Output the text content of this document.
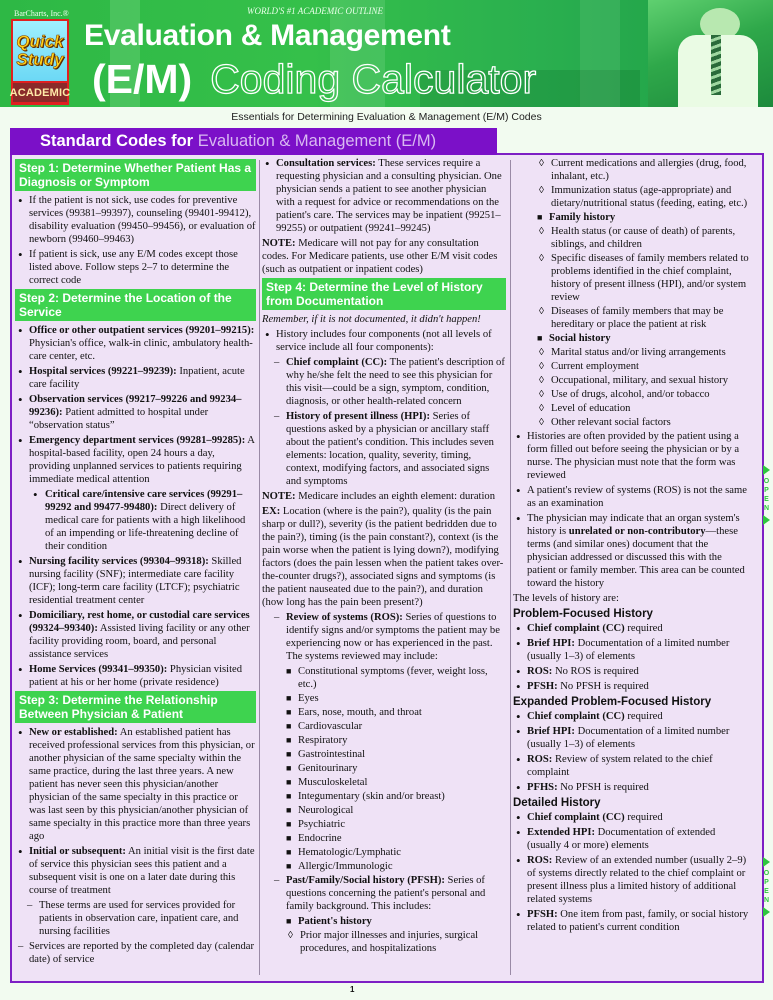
BarCharts, Inc.®
Quick
Study
ACADEMIC
WORLD'S #1 ACADEMIC OUTLINE
Evaluation & Management
(E/M) Coding Calculator
Essentials for Determining Evaluation & Management (E/M) Codes
Standard Codes for Evaluation & Management (E/M)
Step 1: Determine Whether Patient Has a Diagnosis or Symptom
• If the patient is not sick, use codes for preventive services (99381–99397), counseling (99401-99412), disability evaluation (99450–99456), or evaluation of newborn (99460–99463)
• If patient is sick, use any E/M codes except those listed above. Follow steps 2–7 to determine the correct code
Step 2: Determine the Location of the Service
• Office or other outpatient services (99201–99215): Physician's office, walk-in clinic, ambulatory health-care center, etc.
• Hospital services (99221–99239): Inpatient, acute care facility
• Observation services (99217–99226 and 99234–99236): Patient admitted to hospital under “observation status”
• Emergency department services (99281–99285): A hospital-based facility, open 24 hours a day, providing unplanned services to patients requiring immediate medical attention
• Critical care/intensive care services (99291–99292 and 99477-99480): Direct delivery of medical care for patients with a high likelihood of an impending or life-threatening decline of their condition
• Nursing facility services (99304–99318): Skilled nursing facility (SNF); intermediate care facility (ICF); long-term care facility (LTCF); psychiatric residential treatment center
• Domiciliary, rest home, or custodial care services (99324–99340): Assisted living facility or any other facility providing room, board, and personal assistance services
• Home Services (99341–99350): Physician visited patient at his or her home (private residence)
Step 3: Determine the Relationship Between Physician & Patient
• New or established: An established patient has received professional services from this physician, or another physician of the same specialty within the same practice, during the last three years. A new patient has never seen this physician/another physician of the same specialty in this practice or was last seen by this physician/another physician of same specialty in this practice more than three years ago
• Initial or subsequent: An initial visit is the first date of service this physician sees this patient and a subsequent visit is one on a later date during this course of treatment
– These terms are used for services provided for patients in observation care, inpatient care, and nursing facilities
– Services are reported by the completed day (calendar date) of service
• Consultation services: These services require a requesting physician and a consulting physician. One physician sends a patient to see another physician with a request for advice or recommendations on the patient's care. The services may be inpatient (99251–99255) or outpatient (99241–99245)

NOTE: Medicare will not pay for any consultation codes. For Medicare patients, use other E/M visit codes (such as outpatient or inpatient codes)

Step 4: Determine the Level of History from Documentation
Remember, if it is not documented, it didn't happen!
• History includes four components (not all levels of service include all four components):
– Chief complaint (CC): The patient's description of why he/she felt the need to see this physician for this visit—could be a sign, symptom, condition, diagnosis, or other health-related concern
– History of present illness (HPI): Series of questions asked by a physician or ancillary staff about the patient's condition. This includes seven elements: location, quality, severity, timing, context, modifying factors, and associated signs and symptoms

NOTE: Medicare includes an eighth element: duration

EX: Location (where is the pain?), quality (is the pain sharp or dull?), severity (is the patient bedridden due to the pain?), timing (is the pain constant?), context (is the pain worse when the patient is lying down?), modifying factors (does the pain lessen when the patient takes over-the-counter drugs?), associated signs and symptoms (is the patient nauseated due to the pain?), and duration (how long has the pain been present?)

– Review of systems (ROS): Series of questions to identify signs and/or symptoms the patient may be experiencing now or has experienced in the past. The systems reviewed may include:
■ Constitutional symptoms (fever, weight loss, etc.)
■ Eyes
■ Ears, nose, mouth, and throat
■ Cardiovascular
■ Respiratory
■ Gastrointestinal
■ Genitourinary
■ Musculoskeletal
■ Integumentary (skin and/or breast)
■ Neurological
■ Psychiatric
■ Endocrine
■ Hematologic/Lymphatic
■ Allergic/Immunologic
– Past/Family/Social history (PFSH): Series of questions concerning the patient's personal and family background. This includes:
■ Patient's history
◊ Prior major illnesses and injuries, surgical procedures, and hospitalizations
◊ Current medications and allergies (drug, food, inhalant, etc.)
◊ Immunization status (age-appropriate) and dietary/nutritional status (feeding, eating, etc.)
■ Family history
◊ Health status (or cause of death) of parents, siblings, and children
◊ Specific diseases of family members related to problems identified in the chief complaint, history of present illness (HPI), and/or system review
◊ Diseases of family members that may be hereditary or place the patient at risk
■ Social history
◊ Marital status and/or living arrangements
◊ Current employment
◊ Occupational, military, and sexual history
◊ Use of drugs, alcohol, and/or tobacco
◊ Level of education
◊ Other relevant social factors
• Histories are often provided by the patient using a form filled out before seeing the physician or by a nurse. The physician must note that the form was reviewed
• A patient's review of systems (ROS) is not the same as an examination
• The physician may indicate that an organ system's history is unrelated or non-contributory—these terms (and similar ones) document that the physician addressed or discussed this with the patient or family member. This area can be counted toward the history
The levels of history are:
Problem-Focused History
• Chief complaint (CC) required
• Brief HPI: Documentation of a limited number (usually 1–3) of elements
• ROS: No ROS is required
• PFSH: No PFSH is required
Expanded Problem-Focused History
• Chief complaint (CC) required
• Brief HPI: Documentation of a limited number (usually 1–3) of elements
• ROS: Review of system related to the chief complaint
• PFHS: No PFSH is required
Detailed History
• Chief complaint (CC) required
• Extended HPI: Documentation of extended (usually 4 or more) elements
• ROS: Review of an extended number (usually 2–9) of systems directly related to the chief complaint or present illness plus a limited history of additional related systems
• PFSH: One item from past, family, or social history related to patient's current condition
O
P
E
N
O
P
E
N
1
